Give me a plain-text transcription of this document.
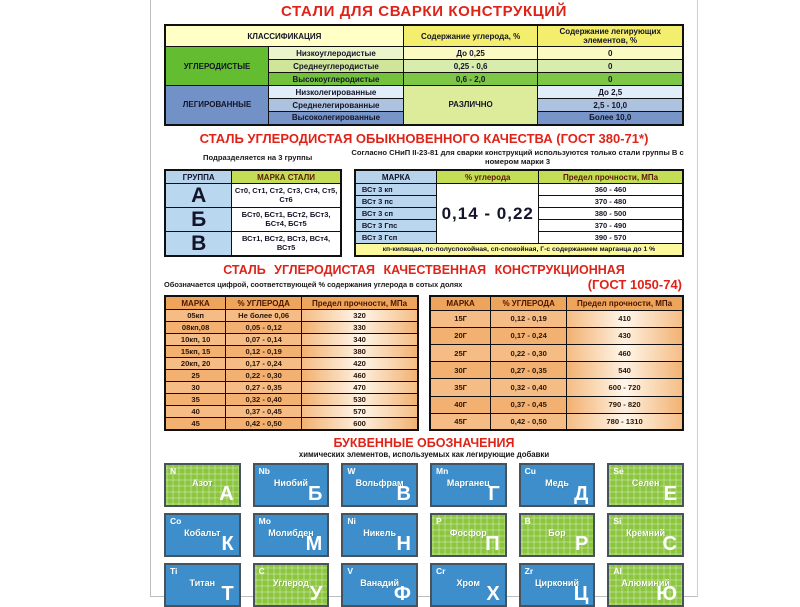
СТАЛИ ДЛЯ СВАРКИ КОНСТРУКЦИЙ
КЛАССИФИКАЦИЯ		Содержание углерода, %	Содержание легирующих элементов, %
УГЛЕРОДИСТЫЕ	Низкоуглеродистые	До 0,25	0
	Среднеуглеродистые	0,25 - 0,6	0
	Высокоуглеродистые	0,6 - 2,0	0
ЛЕГИРОВАННЫЕ	Низколегированные	РАЗЛИЧНО	До 2,5
	Среднелегированные		2,5 - 10,0
	Высоколегированные		Более 10,0
СТАЛЬ УГЛЕРОДИСТАЯ ОБЫКНОВЕННОГО КАЧЕСТВА (ГОСТ 380-71*)
Подразделяется на 3 группы
Согласно СНиП II-23-81 для сварки конструкций используются только стали группы В с номером марки 3
ГРУППА	МАРКА СТАЛИ
А	Ст0, Ст1, Ст2, Ст3, Ст4, Ст5, Ст6
Б	БСт0, БСт1, БСт2, БСт3, БСт4, БСт5
В	ВСт1, ВСт2, ВСт3, ВСт4, ВСт5
МАРКА	% углерода	Предел прочности, МПа
ВСт 3 кп	0,14 - 0,22	360 - 460
ВСт 3 пс		370 - 480
ВСт 3 сп		380 - 500
ВСт 3 Гпс		370 - 490
ВСт 3 Гсп		390 - 570
кп-кипящая, пс-полуспокойная, сп-спокойная, Г-с содержанием марганца до 1 %		
СТАЛЬ УГЛЕРОДИСТАЯ КАЧЕСТВЕННАЯ КОНСТРУКЦИОННАЯ
Обозначается цифрой, соответствующей % содержания углерода в сотых долях	(ГОСТ 1050-74)
МАРКА	% УГЛЕРОДА	Предел прочности, МПа
05кп	Не более 0,06	320
08кп,08	0,05 - 0,12	330
10кп, 10	0,07 - 0,14	340
15кп, 15	0,12 - 0,19	380
20кп, 20	0,17 - 0,24	420
25	0,22 - 0,30	460
30	0,27 - 0,35	470
35	0,32 - 0,40	530
40	0,37 - 0,45	570
45	0,42 - 0,50	600
МАРКА	% УГЛЕРОДА	Предел прочности, МПа
15Г	0,12 - 0,19	410
20Г	0,17 - 0,24	430
25Г	0,22 - 0,30	460
30Г	0,27 - 0,35	540
35Г	0,32 - 0,40	600 - 720
40Г	0,37 - 0,45	790 - 820
45Г	0,42 - 0,50	780 - 1310
БУКВЕННЫЕ ОБОЗНАЧЕНИЯ
химических элементов, используемых как легирующие добавки
N
Азот А
Nb
Ниобий Б
W
Вольфрам
В
Mn
Марганец
Г
Cu
Медь Д
Se
Селен Е
Co
Кобальт К
Mo
Молибден
М
Ni
Никель Н
P
Фосфор
П
B
Бор Р
Si
Кремний
С
Ti
Титан Т
C
Углерод У
V
Ванадий
Ф
Cr
Хром Х
Zr
Цирконий
Ц
Al
Алюминий
Ю
